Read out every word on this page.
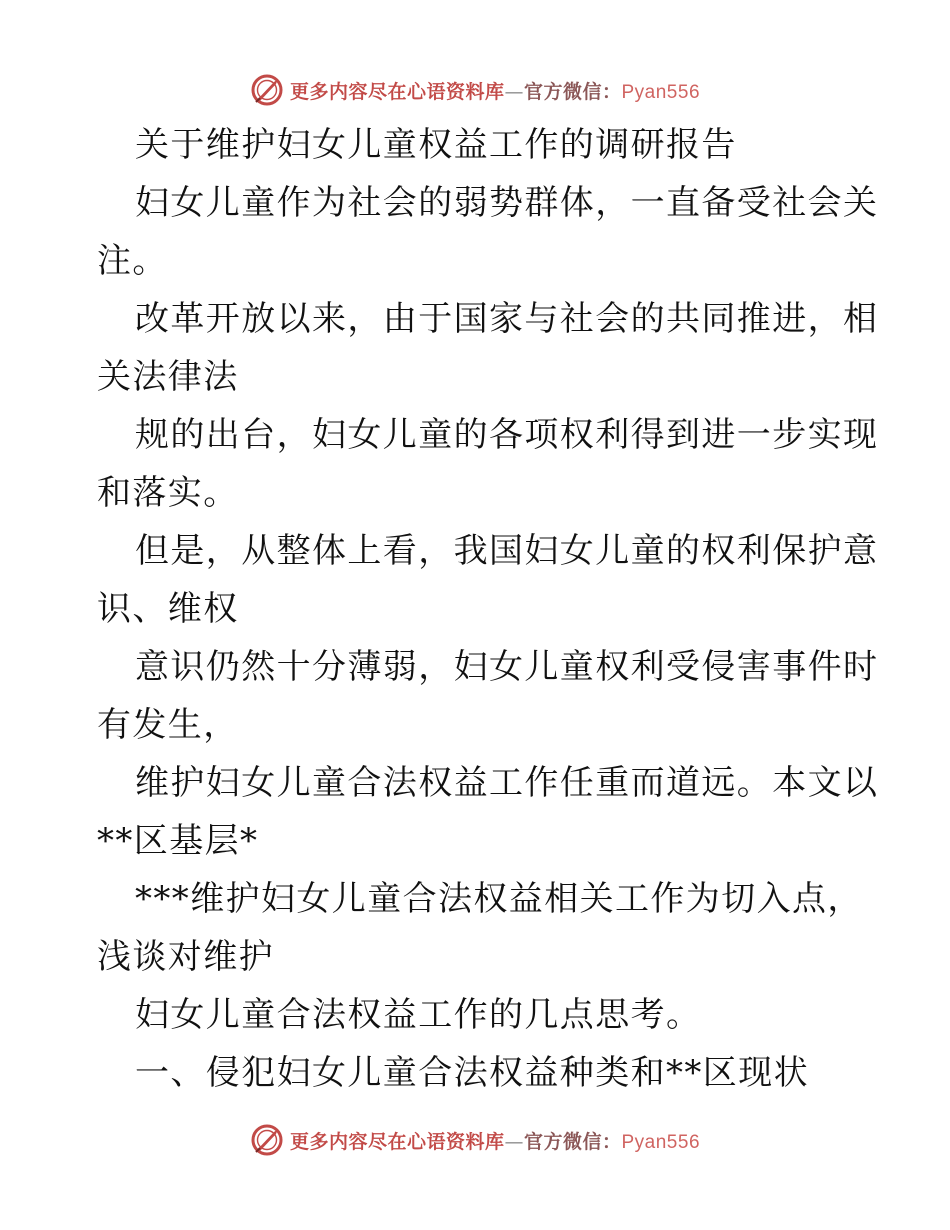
更多内容尽在心语资料库—官方微信：Pyan556
关于维护妇女儿童权益工作的调研报告
妇女儿童作为社会的弱势群体，一直备受社会关
注。
改革开放以来，由于国家与社会的共同推进，相
关法律法
规的出台，妇女儿童的各项权利得到进一步实现
和落实。
但是，从整体上看，我国妇女儿童的权利保护意
识、维权
意识仍然十分薄弱，妇女儿童权利受侵害事件时
有发生，
维护妇女儿童合法权益工作任重而道远。本文以
**区基层*
***维护妇女儿童合法权益相关工作为切入点，
浅谈对维护
妇女儿童合法权益工作的几点思考。
一、侵犯妇女儿童合法权益种类和**区现状
更多内容尽在心语资料库—官方微信：Pyan556
